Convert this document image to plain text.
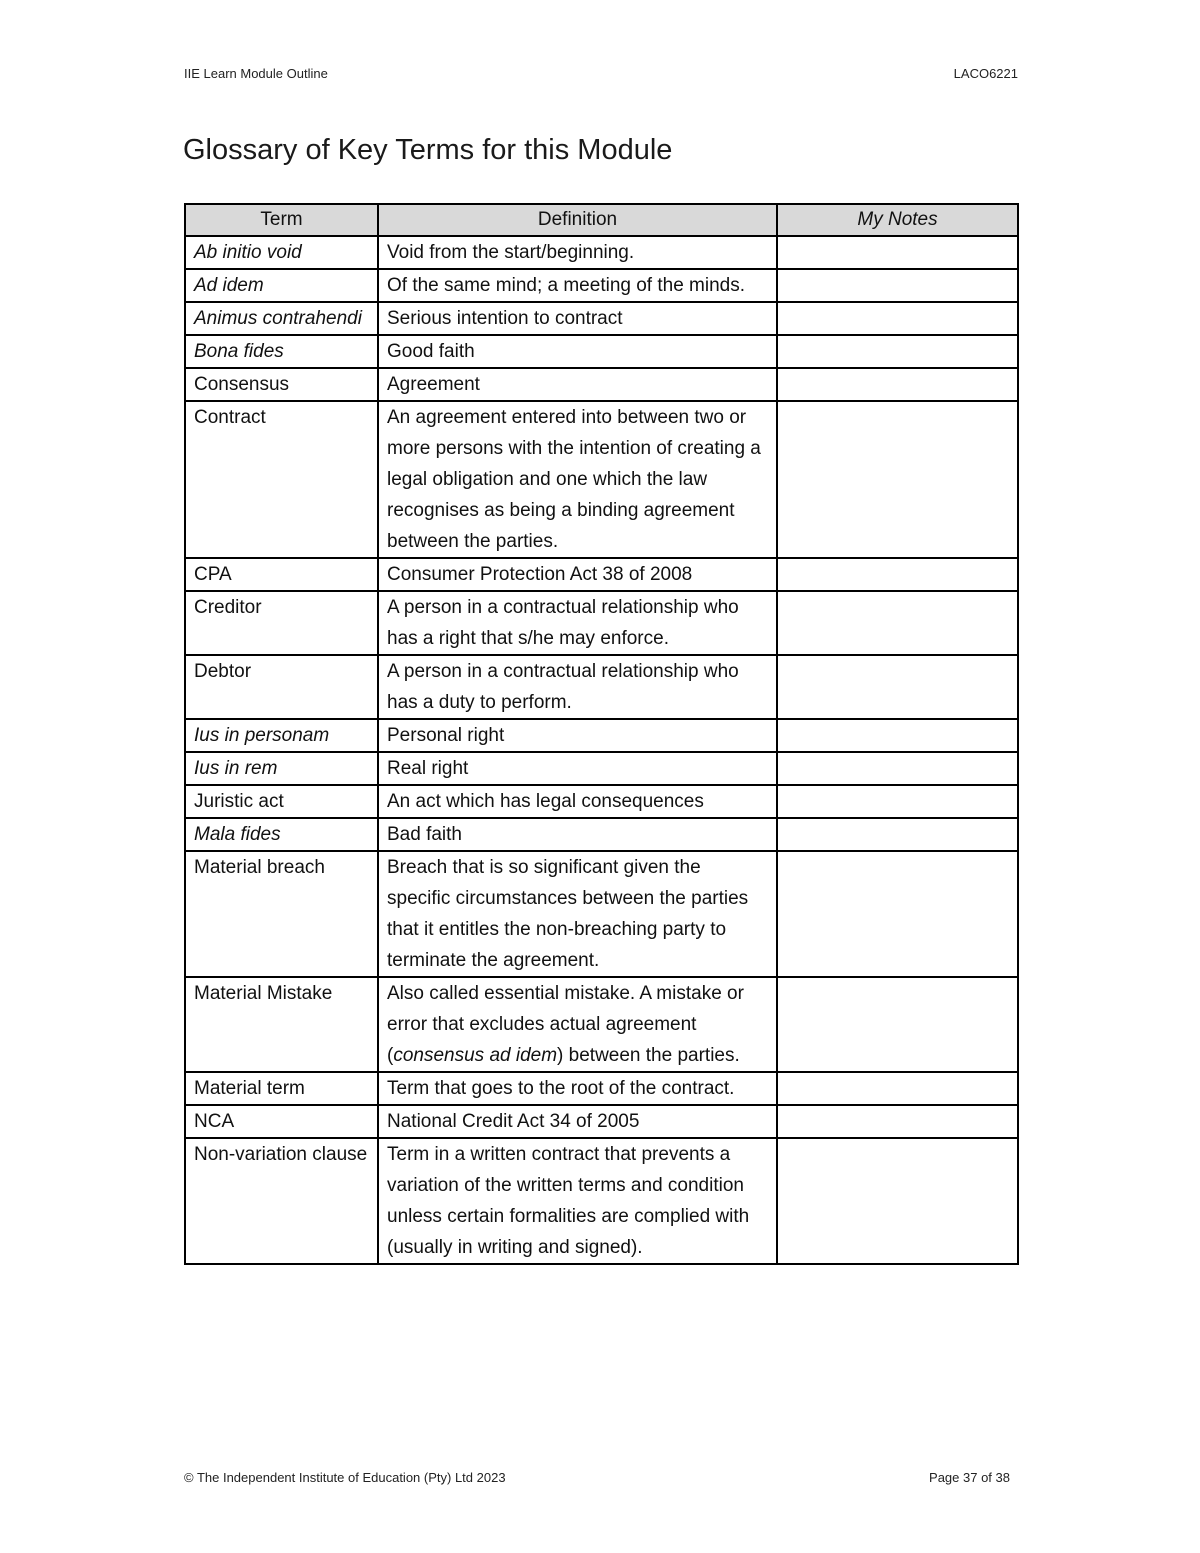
IIE Learn Module Outline	LACO6221
Glossary of Key Terms for this Module
Term	Definition	My Notes
Ab initio void	Void from the start/beginning.	
Ad idem	Of the same mind; a meeting of the minds.	
Animus contrahendi	Serious intention to contract	
Bona fides	Good faith	
Consensus	Agreement	
Contract	An agreement entered into between two or more persons with the intention of creating a legal obligation and one which the law recognises as being a binding agreement between the parties.	
CPA	Consumer Protection Act 38 of 2008	
Creditor	A person in a contractual relationship who has a right that s/he may enforce.	
Debtor	A person in a contractual relationship who has a duty to perform.	
Ius in personam	Personal right	
Ius in rem	Real right	
Juristic act	An act which has legal consequences	
Mala fides	Bad faith	
Material breach	Breach that is so significant given the specific circumstances between the parties that it entitles the non-breaching party to terminate the agreement.	
Material Mistake	Also called essential mistake. A mistake or error that excludes actual agreement (consensus ad idem) between the parties.	
Material term	Term that goes to the root of the contract.	
NCA	National Credit Act 34 of 2005	
Non-variation clause	Term in a written contract that prevents a variation of the written terms and condition unless certain formalities are complied with (usually in writing and signed).	
© The Independent Institute of Education (Pty) Ltd 2023	Page 37 of 38
